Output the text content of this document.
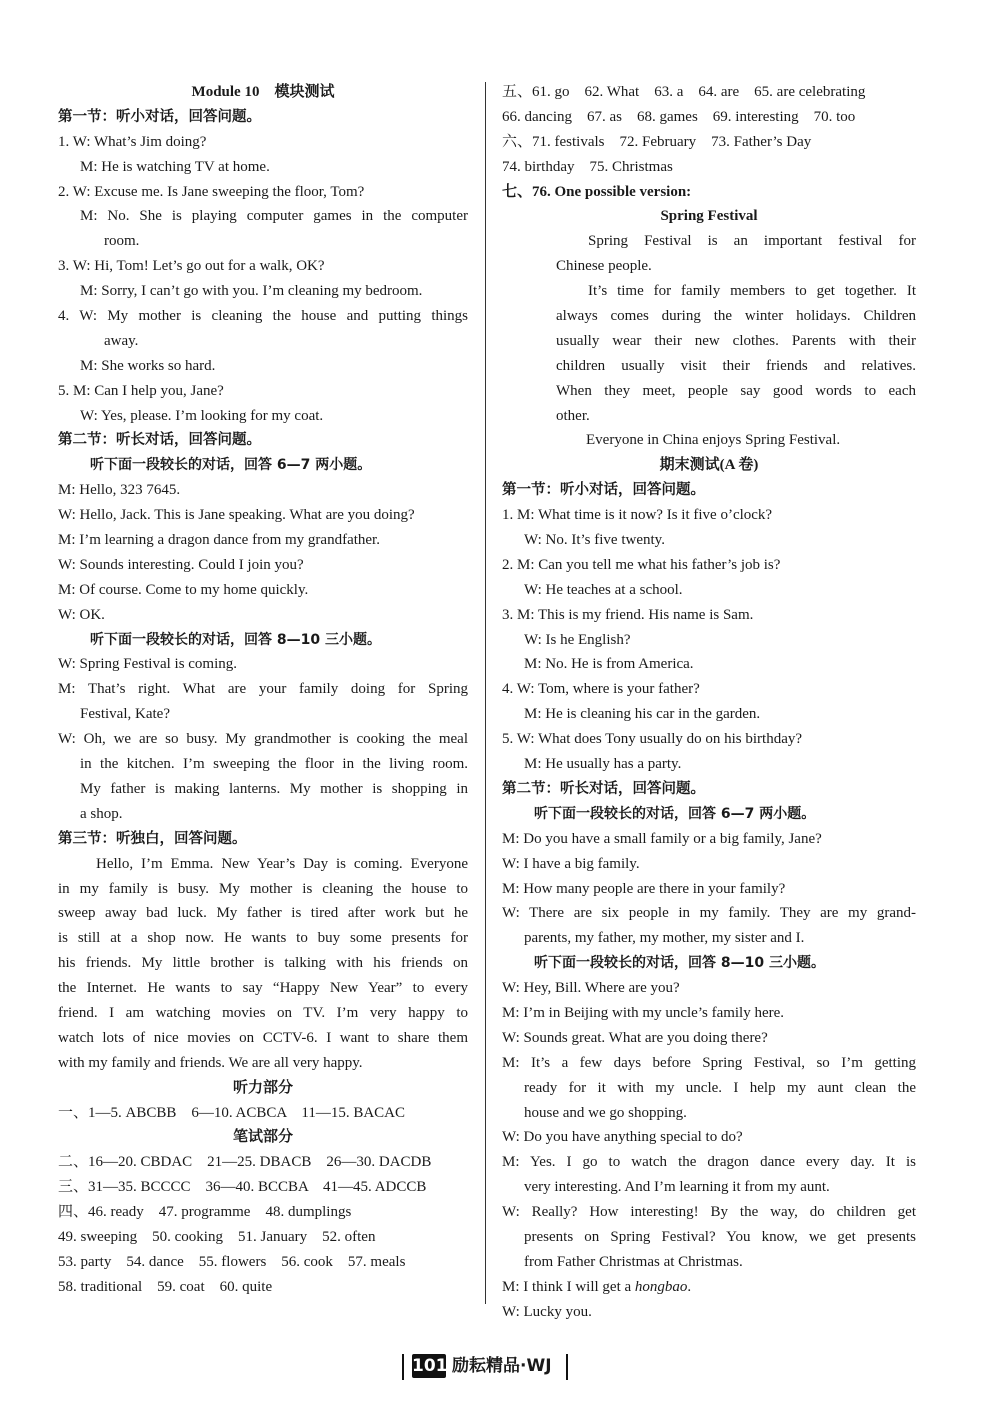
Module 10　模块测试
第一节：听小对话，回答问题。
1. W: What’s Jim doing?
M: He is watching TV at home.
2. W: Excuse me. Is Jane sweeping the floor, Tom?
M: No. She is playing computer games in the computer
room.
3. W: Hi, Tom! Let’s go out for a walk, OK?
M: Sorry, I can’t go with you. I’m cleaning my bedroom.
4. W: My mother is cleaning the house and putting things
away.
M: She works so hard.
5. M: Can I help you, Jane?
W: Yes, please. I’m looking for my coat.
第二节：听长对话，回答问题。
听下面一段较长的对话，回答 6—7 两小题。
M: Hello, 323 7645.
W: Hello, Jack. This is Jane speaking. What are you doing?
M: I’m learning a dragon dance from my grandfather.
W: Sounds interesting. Could I join you?
M: Of course. Come to my home quickly.
W: OK.
听下面一段较长的对话，回答 8—10 三小题。
W: Spring Festival is coming.
M: That’s right. What are your family doing for Spring
Festival, Kate?
W: Oh, we are so busy. My grandmother is cooking the meal
in the kitchen. I’m sweeping the floor in the living room.
My father is making lanterns. My mother is shopping in
a shop.
第三节：听独白，回答问题。
Hello, I’m Emma. New Year’s Day is coming. Everyone
in my family is busy. My mother is cleaning the house to
sweep away bad luck. My father is tired after work but he
is still at a shop now. He wants to buy some presents for
his friends. My little brother is talking with his friends on
the Internet. He wants to say “Happy New Year” to every
friend. I am watching movies on TV. I’m very happy to
watch lots of nice movies on CCTV-6. I want to share them
with my family and friends. We are all very happy.
听力部分
一、1—5. ABCBB　6—10. ACBCA　11—15. BACAC
笔试部分
二、16—20. CBDAC　21—25. DBACB　26—30. DACDB
三、31—35. BCCCC　36—40. BCCBA　41—45. ADCCB
四、46. ready　47. programme　48. dumplings
49. sweeping　50. cooking　51. January　52. often
53. party　54. dance　55. flowers　56. cook　57. meals
58. traditional　59. coat　60. quite
五、61. go　62. What　63. a　64. are　65. are celebrating
66. dancing　67. as　68. games　69. interesting　70. too
六、71. festivals　72. February　73. Father’s Day
74. birthday　75. Christmas
七、76. One possible version:
Spring Festival
Spring Festival is an important festival for
Chinese people.
It’s time for family members to get together. It
always comes during the winter holidays. Children
usually wear their new clothes. Parents with their
children usually visit their friends and relatives.
When they meet, people say good words to each
other.
Everyone in China enjoys Spring Festival.
期末测试(A 卷)
第一节：听小对话，回答问题。
1. M: What time is it now? Is it five o’clock?
W: No. It’s five twenty.
2. M: Can you tell me what his father’s job is?
W: He teaches at a school.
3. M: This is my friend. His name is Sam.
W: Is he English?
M: No. He is from America.
4. W: Tom, where is your father?
M: He is cleaning his car in the garden.
5. W: What does Tony usually do on his birthday?
M: He usually has a party.
第二节：听长对话，回答问题。
听下面一段较长的对话，回答 6—7 两小题。
M: Do you have a small family or a big family, Jane?
W: I have a big family.
M: How many people are there in your family?
W: There are six people in my family. They are my grand-
parents, my father, my mother, my sister and I.
听下面一段较长的对话，回答 8—10 三小题。
W: Hey, Bill. Where are you?
M: I’m in Beijing with my uncle’s family here.
W: Sounds great. What are you doing there?
M: It’s a few days before Spring Festival, so I’m getting
ready for it with my uncle. I help my aunt clean the
house and we go shopping.
W: Do you have anything special to do?
M: Yes. I go to watch the dragon dance every day. It is
very interesting. And I’m learning it from my aunt.
W: Really? How interesting! By the way, do children get
presents on Spring Festival? You know, we get presents
from Father Christmas at Christmas.
M: I think I will get a hongbao.
W: Lucky you.
101 励耘精品·WJ
